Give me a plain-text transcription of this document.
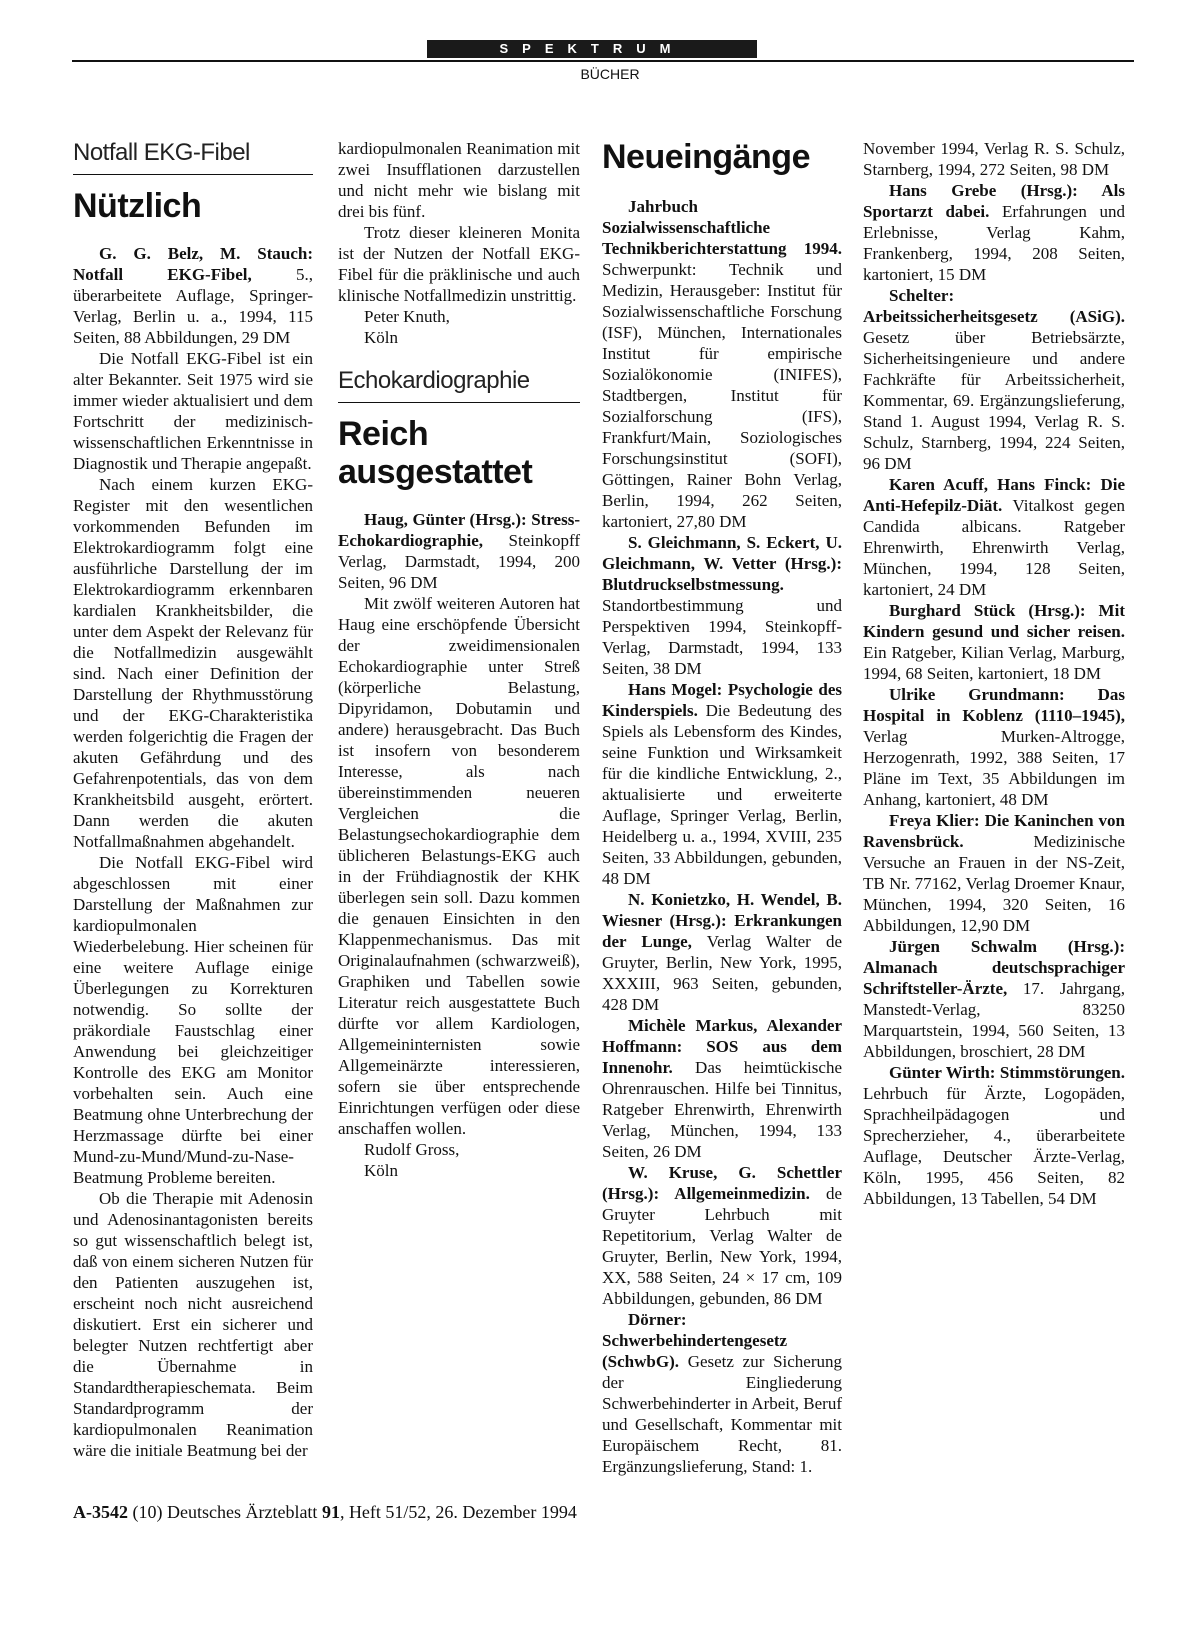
SPEKTRUM
BÜCHER
Notfall EKG-Fibel
Nützlich

G. G. Belz, M. Stauch: Notfall EKG-Fibel, 5., überarbeitete Auflage, Springer-Verlag, Berlin u. a., 1994, 115 Seiten, 88 Abbildungen, 29 DM

Die Notfall EKG-Fibel ist ein alter Bekannter. Seit 1975 wird sie immer wieder aktualisiert und dem Fortschritt der medizinisch-wissenschaftlichen Erkenntnisse in Diagnostik und Therapie angepaßt.

Nach einem kurzen EKG-Register mit den wesentlichen vorkommenden Befunden im Elektrokardiogramm folgt eine ausführliche Darstellung der im Elektrokardiogramm erkennbaren kardialen Krankheitsbilder, die unter dem Aspekt der Relevanz für die Notfallmedizin ausgewählt sind. Nach einer Definition der Darstellung der Rhythmusstörung und der EKG-Charakteristika werden folgerichtig die Fragen der akuten Gefährdung und des Gefahrenpotentials, das von dem Krankheitsbild ausgeht, erörtert. Dann werden die akuten Notfallmaßnahmen abgehandelt.

Die Notfall EKG-Fibel wird abgeschlossen mit einer Darstellung der Maßnahmen zur kardiopulmonalen Wiederbelebung. Hier scheinen für eine weitere Auflage einige Überlegungen zu Korrekturen notwendig. So sollte der präkordiale Faustschlag einer Anwendung bei gleichzeitiger Kontrolle des EKG am Monitor vorbehalten sein. Auch eine Beatmung ohne Unterbrechung der Herzmassage dürfte bei einer Mund-zu-Mund/Mund-zu-Nase-Beatmung Probleme bereiten.

Ob die Therapie mit Adenosin und Adenosinantagonisten bereits so gut wissenschaftlich belegt ist, daß von einem sicheren Nutzen für den Patienten auszugehen ist, erscheint noch nicht ausreichend diskutiert. Erst ein sicherer und belegter Nutzen rechtfertigt aber die Übernahme in Standardtherapieschemata. Beim Standardprogramm der kardiopulmonalen Reanimation wäre die initiale Beatmung bei der

kardiopulmonalen Reanimation mit zwei Insufflationen darzustellen und nicht mehr wie bislang mit drei bis fünf.

Trotz dieser kleineren Monita ist der Nutzen der Notfall EKG-Fibel für die präklinische und auch klinische Notfallmedizin unstrittig.

Peter Knuth,
Köln
Echokardiographie
Reich ausgestattet

Haug, Günter (Hrsg.): Stress-Echokardiographie, Steinkopff Verlag, Darmstadt, 1994, 200 Seiten, 96 DM

Mit zwölf weiteren Autoren hat Haug eine erschöpfende Übersicht der zweidimensionalen Echokardiographie unter Streß (körperliche Belastung, Dipyridamon, Dobutamin und andere) herausgebracht. Das Buch ist insofern von besonderem Interesse, als nach übereinstimmenden neueren Vergleichen die Belastungsechokardiographie dem üblicheren Belastungs-EKG auch in der Frühdiagnostik der KHK überlegen sein soll. Dazu kommen die genauen Einsichten in den Klappenmechanismus. Das mit Originalaufnahmen (schwarzweiß), Graphiken und Tabellen sowie Literatur reich ausgestattete Buch dürfte vor allem Kardiologen, Allgemeininternisten sowie Allgemeinärzte interessieren, sofern sie über entsprechende Einrichtungen verfügen oder diese anschaffen wollen.

Rudolf Gross,
Köln
Neueingänge

Jahrbuch Sozialwissenschaftliche Technikberichterstattung 1994. Schwerpunkt: Technik und Medizin, Herausgeber: Institut für Sozialwissenschaftliche Forschung (ISF), München, Internationales Institut für empirische Sozialökonomie (INIFES), Stadtbergen, Institut für Sozialforschung (IFS), Frankfurt/Main, Soziologisches Forschungsinstitut (SOFI), Göttingen, Rainer Bohn Verlag, Berlin, 1994, 262 Seiten, kartoniert, 27,80 DM

S. Gleichmann, S. Eckert, U. Gleichmann, W. Vetter (Hrsg.): Blutdruckselbstmessung. Standortbestimmung und Perspektiven 1994, Steinkopff-Verlag, Darmstadt, 1994, 133 Seiten, 38 DM

Hans Mogel: Psychologie des Kinderspiels. Die Bedeutung des Spiels als Lebensform des Kindes, seine Funktion und Wirksamkeit für die kindliche Entwicklung, 2., aktualisierte und erweiterte Auflage, Springer Verlag, Berlin, Heidelberg u. a., 1994, XVIII, 235 Seiten, 33 Abbildungen, gebunden, 48 DM

N. Konietzko, H. Wendel, B. Wiesner (Hrsg.): Erkrankungen der Lunge, Verlag Walter de Gruyter, Berlin, New York, 1995, XXXIII, 963 Seiten, gebunden, 428 DM

Michèle Markus, Alexander Hoffmann: SOS aus dem Innenohr. Das heimtückische Ohrenrauschen. Hilfe bei Tinnitus, Ratgeber Ehrenwirth, Ehrenwirth Verlag, München, 1994, 133 Seiten, 26 DM

W. Kruse, G. Schettler (Hrsg.): Allgemeinmedizin. de Gruyter Lehrbuch mit Repetitorium, Verlag Walter de Gruyter, Berlin, New York, 1994, XX, 588 Seiten, 24 × 17 cm, 109 Abbildungen, gebunden, 86 DM

Dörner: Schwerbehindertengesetz (SchwbG). Gesetz zur Sicherung der Eingliederung Schwerbehinderter in Arbeit, Beruf und Gesellschaft, Kommentar mit Europäischem Recht, 81. Ergänzungslieferung, Stand: 1.

November 1994, Verlag R. S. Schulz, Starnberg, 1994, 272 Seiten, 98 DM

Hans Grebe (Hrsg.): Als Sportarzt dabei. Erfahrungen und Erlebnisse, Verlag Kahm, Frankenberg, 1994, 208 Seiten, kartoniert, 15 DM

Schelter: Arbeitssicherheitsgesetz (ASiG). Gesetz über Betriebsärzte, Sicherheitsingenieure und andere Fachkräfte für Arbeitssicherheit, Kommentar, 69. Ergänzungslieferung, Stand 1. August 1994, Verlag R. S. Schulz, Starnberg, 1994, 224 Seiten, 96 DM

Karen Acuff, Hans Finck: Die Anti-Hefepilz-Diät. Vitalkost gegen Candida albicans. Ratgeber Ehrenwirth, Ehrenwirth Verlag, München, 1994, 128 Seiten, kartoniert, 24 DM

Burghard Stück (Hrsg.): Mit Kindern gesund und sicher reisen. Ein Ratgeber, Kilian Verlag, Marburg, 1994, 68 Seiten, kartoniert, 18 DM

Ulrike Grundmann: Das Hospital in Koblenz (1110–1945), Verlag Murken-Altrogge, Herzogenrath, 1992, 388 Seiten, 17 Pläne im Text, 35 Abbildungen im Anhang, kartoniert, 48 DM

Freya Klier: Die Kaninchen von Ravensbrück. Medizinische Versuche an Frauen in der NS-Zeit, TB Nr. 77162, Verlag Droemer Knaur, München, 1994, 320 Seiten, 16 Abbildungen, 12,90 DM

Jürgen Schwalm (Hrsg.): Almanach deutschsprachiger Schriftsteller-Ärzte, 17. Jahrgang, Manstedt-Verlag, 83250 Marquartstein, 1994, 560 Seiten, 13 Abbildungen, broschiert, 28 DM

Günter Wirth: Stimmstörungen. Lehrbuch für Ärzte, Logopäden, Sprachheilpädagogen und Sprecherzieher, 4., überarbeitete Auflage, Deutscher Ärzte-Verlag, Köln, 1995, 456 Seiten, 82 Abbildungen, 13 Tabellen, 54 DM

A-3542 (10) Deutsches Ärzteblatt 91, Heft 51/52, 26. Dezember 1994
